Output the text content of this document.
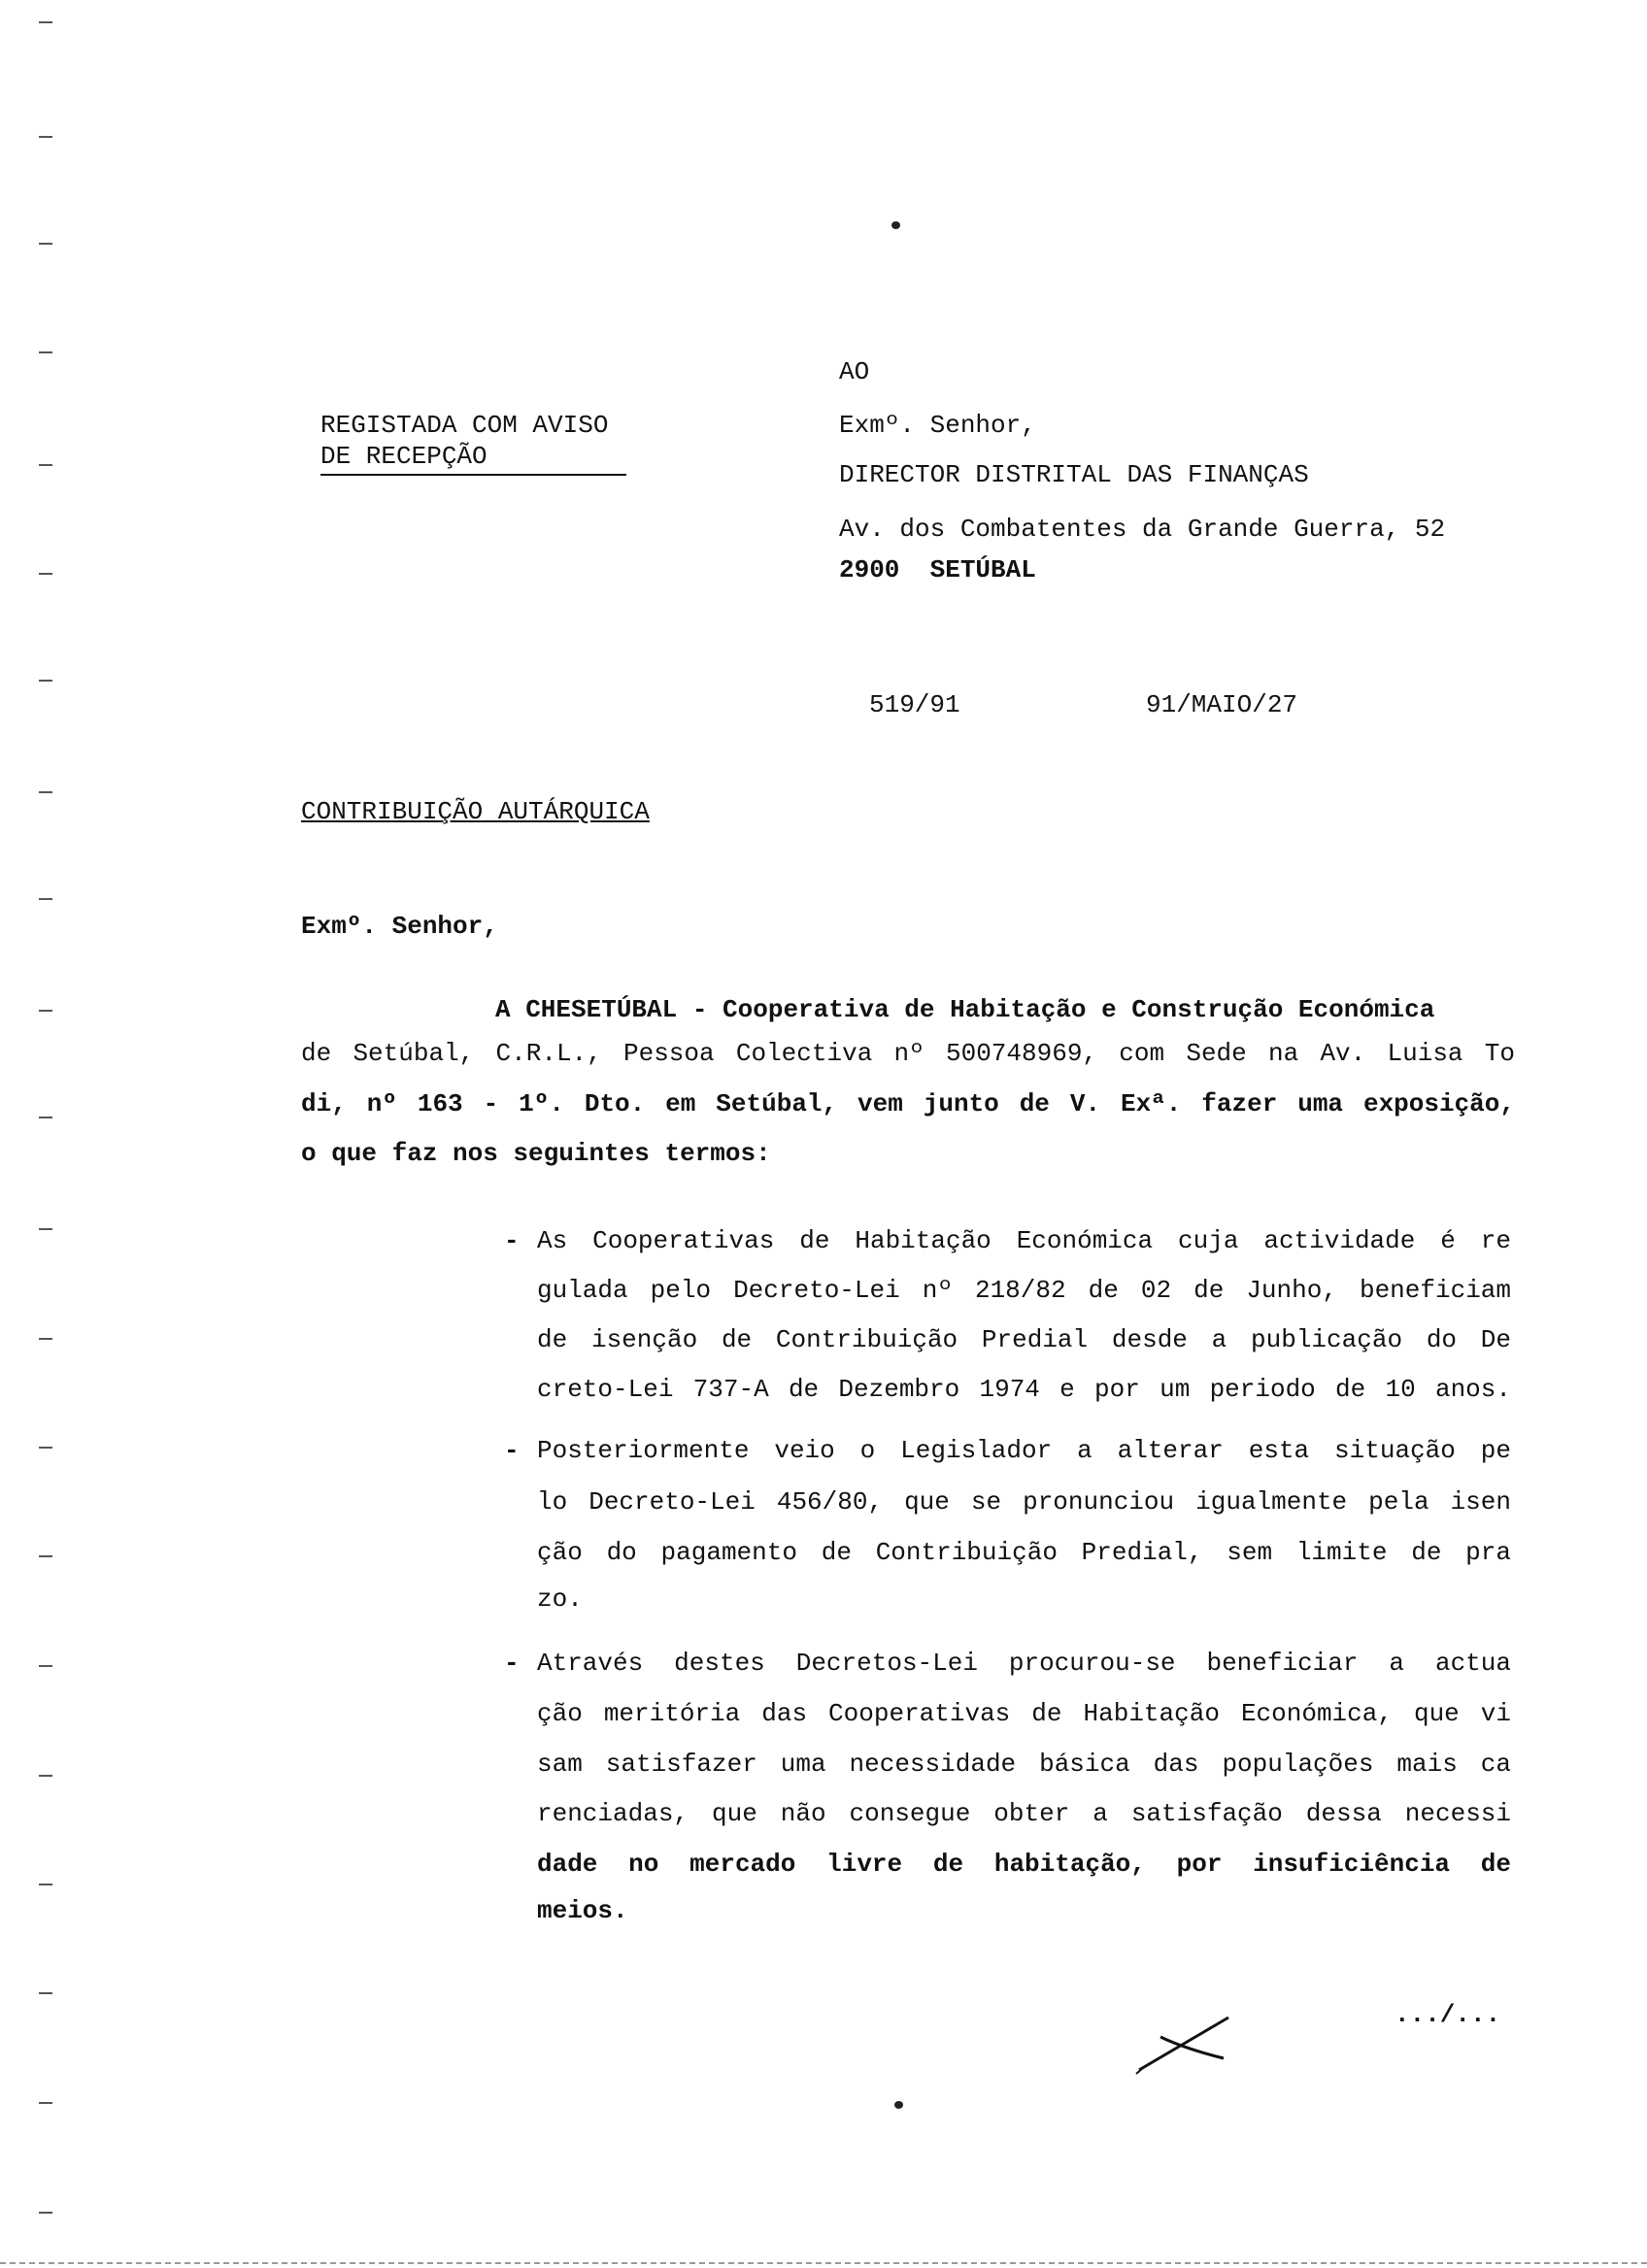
AO
REGISTADA COM AVISO
DE RECEPÇÃO
Exmº. Senhor,
DIRECTOR DISTRITAL DAS FINANÇAS
Av. dos Combatentes da Grande Guerra, 52
2900  SETÚBAL
519/91	91/MAIO/27
CONTRIBUIÇÃO AUTÁRQUICA
Exmº. Senhor,
A CHESETÚBAL - Cooperativa de Habitação e Construção Económica
de Setúbal, C.R.L., Pessoa Colectiva nº 500748969, com Sede na Av. Luisa To
di, nº 163 - 1º. Dto. em Setúbal, vem junto de V. Exª. fazer uma exposição,
o que faz nos seguintes termos:
- As Cooperativas de Habitação Económica cuja actividade é re
gulada pelo Decreto-Lei nº 218/82 de 02 de Junho, beneficiam
de isenção de Contribuição Predial desde a publicação do De
creto-Lei 737-A de Dezembro 1974 e por um periodo de 10 anos.
- Posteriormente veio o Legislador a alterar esta situação pe
lo Decreto-Lei 456/80, que se pronunciou igualmente pela isen
ção do pagamento de Contribuição Predial, sem limite de pra
zo.
- Através destes Decretos-Lei procurou-se beneficiar a actua
ção meritória das Cooperativas de Habitação Económica, que vi
sam satisfazer uma necessidade básica das populações mais ca
renciadas, que não consegue obter a satisfação dessa necessi
dade no mercado livre de habitação, por insuficiência de
meios.
.../...
